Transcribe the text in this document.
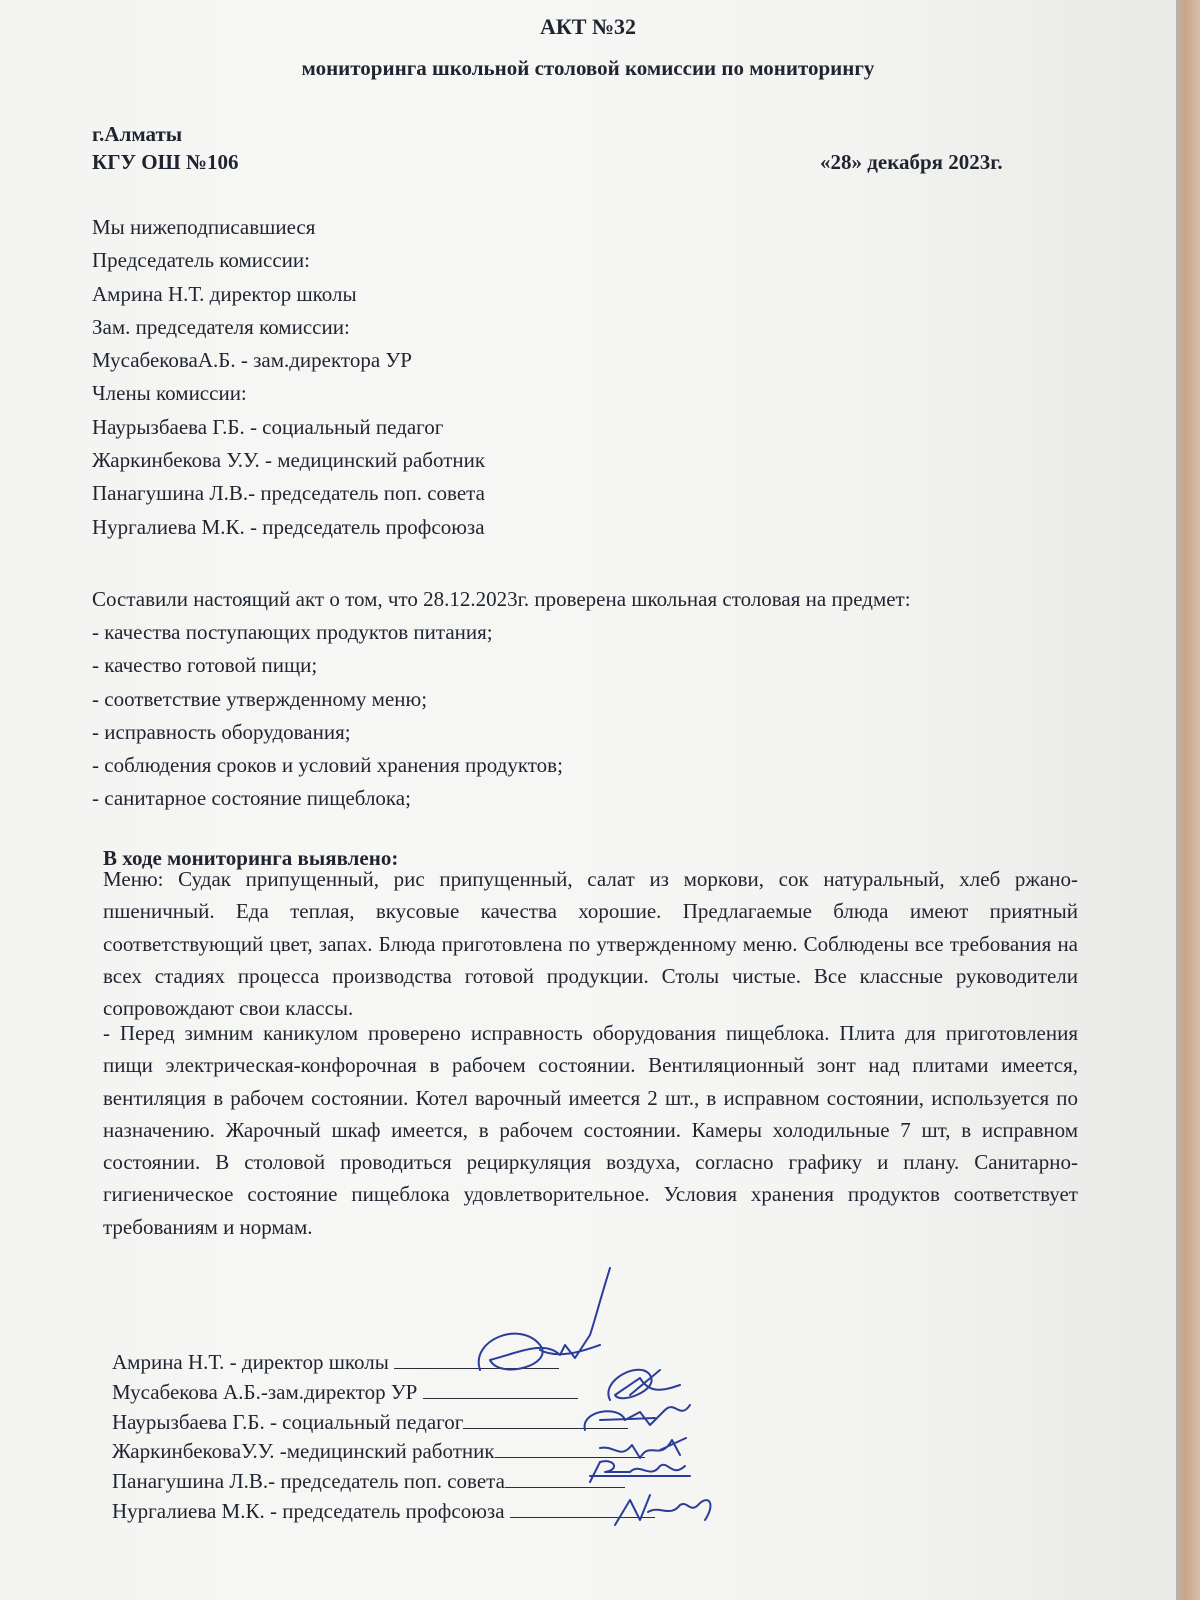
АКТ №32
мониторинга школьной столовой комиссии по мониторингу
г.Алматы
КГУ ОШ №106	«28» декабря 2023г.
Мы нижеподписавшиеся
Председатель комиссии:
Амрина Н.Т. директор школы
Зам. председателя комиссии:
МусабековаА.Б. - зам.директора УР
Члены комиссии:
Наурызбаева Г.Б. - социальный педагог
Жаркинбекова У.У. - медицинский работник
Панагушина Л.В.- председатель поп. совета
Нургалиева М.К. - председатель профсоюза
Составили настоящий акт о том, что 28.12.2023г. проверена школьная столовая на предмет:
- качества поступающих продуктов питания;
- качество готовой пищи;
- соответствие утвержденному меню;
- исправность оборудования;
- соблюдения сроков и условий хранения продуктов;
- санитарное состояние пищеблока;
В ходе мониторинга выявлено:
Меню: Судак припущенный, рис припущенный, салат из моркови, сок натуральный, хлеб ржано-пшеничный. Еда теплая, вкусовые качества хорошие. Предлагаемые блюда имеют приятный соответствующий цвет, запах. Блюда приготовлена по утвержденному меню. Соблюдены все требования на всех стадиях процесса производства готовой продукции. Столы чистые. Все классные руководители сопровождают свои классы.
- Перед зимним каникулом проверено исправность оборудования пищеблока. Плита для приготовления пищи электрическая-конфорочная в рабочем состоянии. Вентиляционный зонт над плитами имеется, вентиляция в рабочем состоянии. Котел варочный имеется 2 шт., в исправном состоянии, используется по назначению. Жарочный шкаф имеется, в рабочем состоянии. Камеры холодильные 7 шт, в исправном состоянии. В столовой проводиться рециркуляция воздуха, согласно графику и плану. Санитарно-гигиеническое состояние пищеблока удовлетворительное. Условия хранения продуктов соответствует требованиям и нормам.
Амрина Н.Т. - директор школы
Мусабекова А.Б.-зам.директор УР
Наурызбаева Г.Б. - социальный педагог
ЖаркинбековаУ.У. -медицинский работник
Панагушина Л.В.- председатель поп. совета
Нургалиева М.К. - председатель профсоюза
